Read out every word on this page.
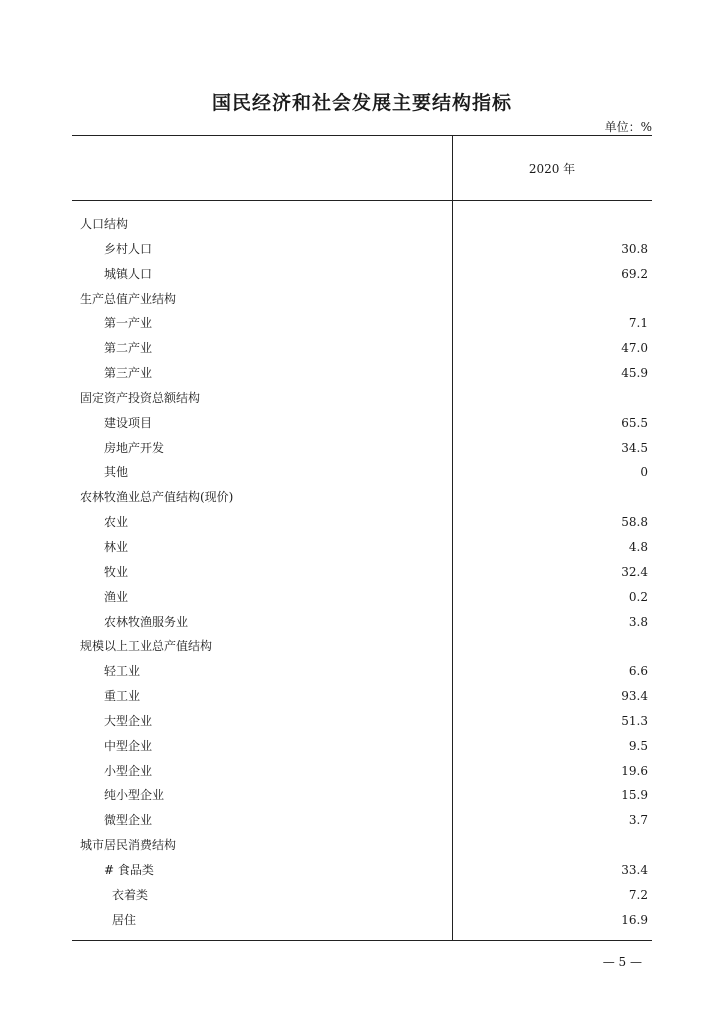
国民经济和社会发展主要结构指标
单位：%
2020 年
人口结构
乡村人口	30.8
城镇人口	69.2
生产总值产业结构
第一产业	7.1
第二产业	47.0
第三产业	45.9
固定资产投资总额结构
建设项目	65.5
房地产开发	34.5
其他	0
农林牧渔业总产值结构(现价)
农业	58.8
林业	4.8
牧业	32.4
渔业	0.2
农林牧渔服务业	3.8
规模以上工业总产值结构
轻工业	6.6
重工业	93.4
大型企业	51.3
中型企业	9.5
小型企业	19.6
纯小型企业	15.9
微型企业	3.7
城市居民消费结构
# 食品类	33.4
衣着类	7.2
居住	16.9
— 5 —
